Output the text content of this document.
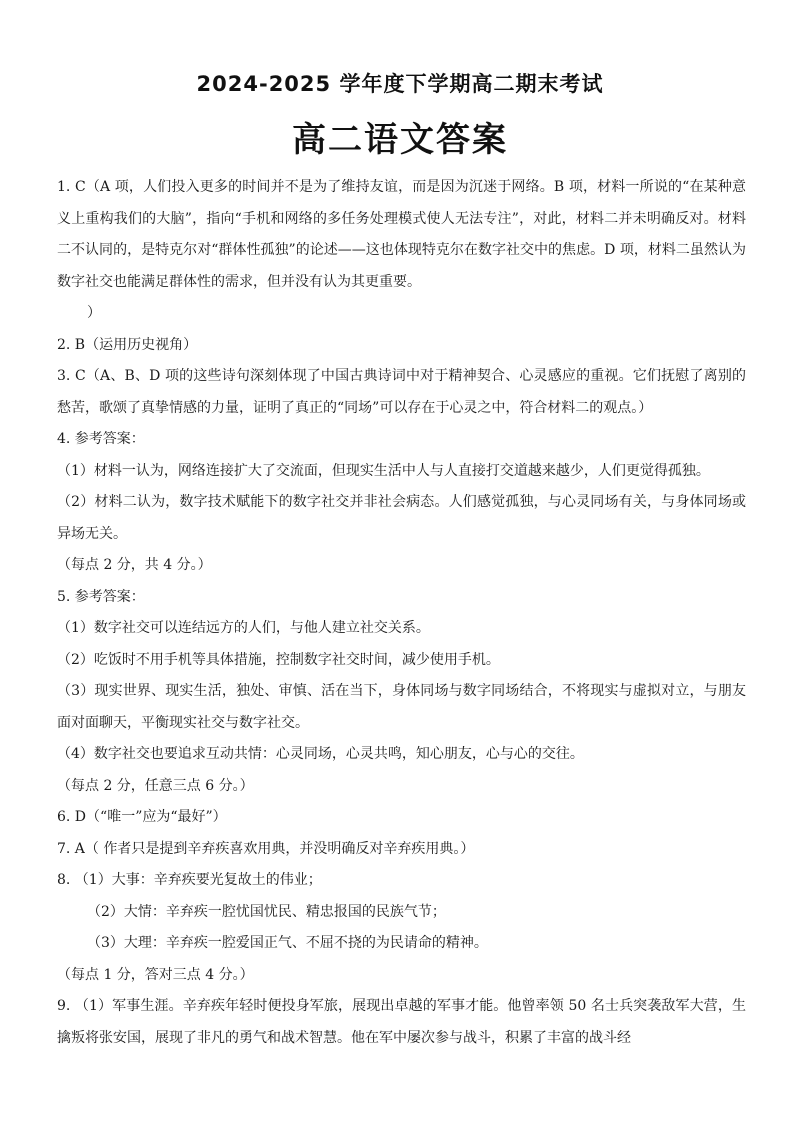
2024-2025 学年度下学期高二期末考试
高二语文答案

1. C（A 项，人们投入更多的时间并不是为了维持友谊，而是因为沉迷于网络。B 项，材料一所说的“在某种意义上重构我们的大脑”，指向“手机和网络的多任务处理模式使人无法专注”，对此，材料二并未明确反对。材料二不认同的，是特克尔对“群体性孤独”的论述——这也体现特克尔在数字社交中的焦虑。D 项，材料二虽然认为数字社交也能满足群体性的需求，但并没有认为其更重要。

）

2. B（运用历史视角）

3. C（A、B、D 项的这些诗句深刻体现了中国古典诗词中对于精神契合、心灵感应的重视。它们抚慰了离别的愁苦，歌颂了真挚情感的力量，证明了真正的“同场”可以存在于心灵之中，符合材料二的观点。）

4. 参考答案：

（1）材料一认为，网络连接扩大了交流面，但现实生活中人与人直接打交道越来越少，人们更觉得孤独。

（2）材料二认为，数字技术赋能下的数字社交并非社会病态。人们感觉孤独，与心灵同场有关，与身体同场或异场无关。

（每点 2 分，共 4 分。）

5. 参考答案：

（1）数字社交可以连结远方的人们，与他人建立社交关系。

（2）吃饭时不用手机等具体措施，控制数字社交时间，减少使用手机。

（3）现实世界、现实生活，独处、审慎、活在当下，身体同场与数字同场结合，不将现实与虚拟对立，与朋友面对面聊天，平衡现实社交与数字社交。

（4）数字社交也要追求互动共情：心灵同场，心灵共鸣，知心朋友，心与心的交往。

（每点 2 分，任意三点 6 分。）

6. D（“唯一”应为“最好”）

7. A（ 作者只是提到辛弃疾喜欢用典，并没明确反对辛弃疾用典。）

8. （1）大事：辛弃疾要光复故土的伟业；

（2）大情：辛弃疾一腔忧国忧民、精忠报国的民族气节；

（3）大理：辛弃疾一腔爱国正气、不屈不挠的为民请命的精神。

（每点 1 分，答对三点 4 分。）

9. （1）军事生涯。辛弃疾年轻时便投身军旅，展现出卓越的军事才能。他曾率领 50 名士兵突袭敌军大营，生擒叛将张安国，展现了非凡的勇气和战术智慧。他在军中屡次参与战斗，积累了丰富的战斗经
